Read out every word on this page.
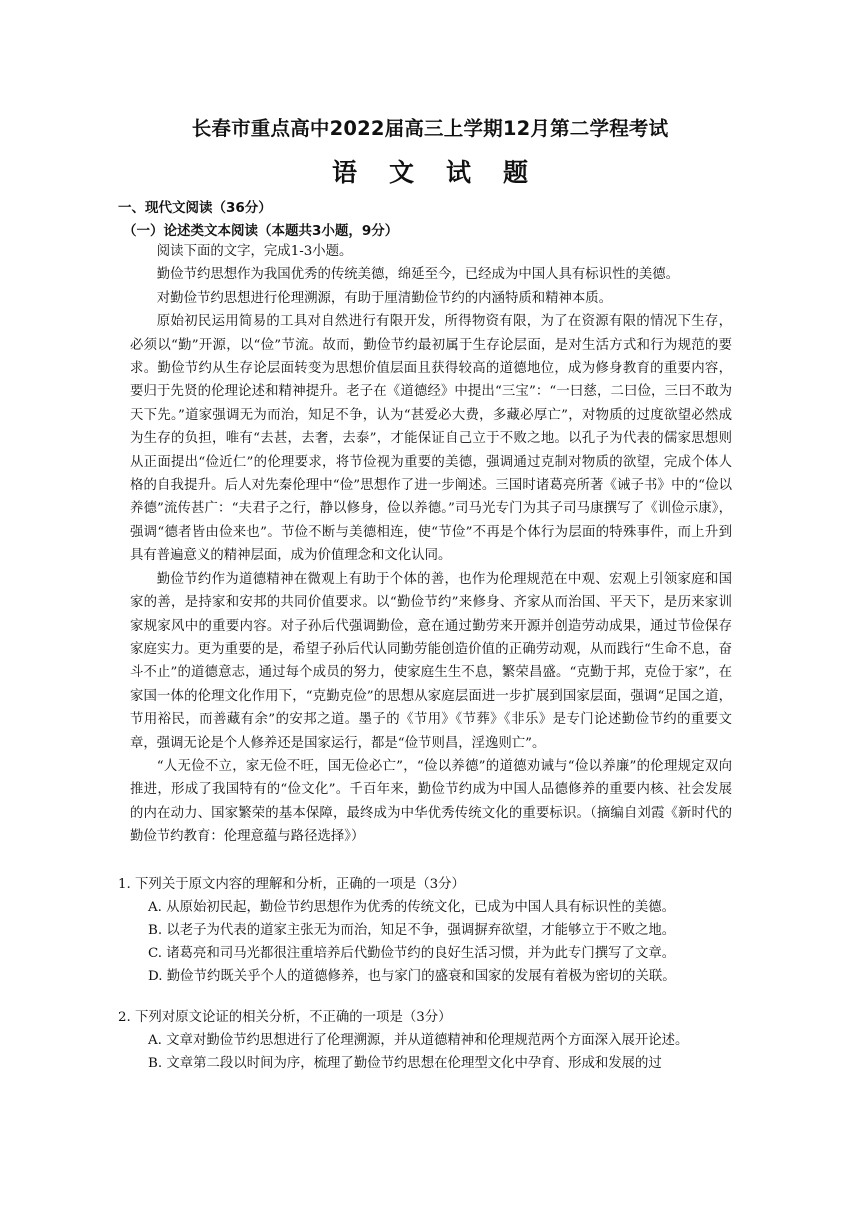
长春市重点高中2022届高三上学期12月第二学程考试
语文试题
一、现代文阅读（36分）
（一）论述类文本阅读（本题共3小题，9分）

阅读下面的文字，完成1-3小题。

勤俭节约思想作为我国优秀的传统美德，绵延至今，已经成为中国人具有标识性的美德。

对勤俭节约思想进行伦理溯源，有助于厘清勤俭节约的内涵特质和精神本质。

原始初民运用简易的工具对自然进行有限开发，所得物资有限，为了在资源有限的情况下生存，必须以“勤”开源，以“俭”节流。故而，勤俭节约最初属于生存论层面，是对生活方式和行为规范的要求。勤俭节约从生存论层面转变为思想价值层面且获得较高的道德地位，成为修身教育的重要内容，要归于先贤的伦理论述和精神提升。老子在《道德经》中提出“三宝”：“一曰慈，二曰俭，三曰不敢为天下先。”道家强调无为而治，知足不争，认为“甚爱必大费，多藏必厚亡”，对物质的过度欲望必然成为生存的负担，唯有“去甚，去奢，去泰”，才能保证自己立于不败之地。以孔子为代表的儒家思想则从正面提出“俭近仁”的伦理要求，将节俭视为重要的美德，强调通过克制对物质的欲望，完成个体人格的自我提升。后人对先秦伦理中“俭”思想作了进一步阐述。三国时诸葛亮所著《诫子书》中的“俭以养德”流传甚广：“夫君子之行，静以修身，俭以养德。”司马光专门为其子司马康撰写了《训俭示康》，强调“德者皆由俭来也”。节俭不断与美德相连，使“节俭”不再是个体行为层面的特殊事件，而上升到具有普遍意义的精神层面，成为价值理念和文化认同。

勤俭节约作为道德精神在微观上有助于个体的善，也作为伦理规范在中观、宏观上引领家庭和国家的善，是持家和安邦的共同价值要求。以“勤俭节约”来修身、齐家从而治国、平天下，是历来家训家规家风中的重要内容。对子孙后代强调勤俭，意在通过勤劳来开源并创造劳动成果，通过节俭保存家庭实力。更为重要的是，希望子孙后代认同勤劳能创造价值的正确劳动观，从而践行“生命不息，奋斗不止”的道德意志，通过每个成员的努力，使家庭生生不息，繁荣昌盛。“克勤于邦，克俭于家”，在家国一体的伦理文化作用下，“克勤克俭”的思想从家庭层面进一步扩展到国家层面，强调“足国之道，节用裕民，而善藏有余”的安邦之道。墨子的《节用》《节葬》《非乐》是专门论述勤俭节约的重要文章，强调无论是个人修养还是国家运行，都是“俭节则昌，淫逸则亡”。

“人无俭不立，家无俭不旺，国无俭必亡”，“俭以养德”的道德劝诫与“俭以养廉”的伦理规定双向推进，形成了我国特有的“俭文化”。千百年来，勤俭节约成为中国人品德修养的重要内核、社会发展的内在动力、国家繁荣的基本保障，最终成为中华优秀传统文化的重要标识。（摘编自刘霞《新时代的勤俭节约教育：伦理意蕴与路径选择》）

1. 下列关于原文内容的理解和分析，正确的一项是（3分）

A. 从原始初民起，勤俭节约思想作为优秀的传统文化，已成为中国人具有标识性的美德。

B. 以老子为代表的道家主张无为而治，知足不争，强调摒弃欲望，才能够立于不败之地。

C. 诸葛亮和司马光都很注重培养后代勤俭节约的良好生活习惯，并为此专门撰写了文章。

D. 勤俭节约既关乎个人的道德修养，也与家门的盛衰和国家的发展有着极为密切的关联。

2. 下列对原文论证的相关分析，不正确的一项是（3分）

A. 文章对勤俭节约思想进行了伦理溯源，并从道德精神和伦理规范两个方面深入展开论述。

B. 文章第二段以时间为序，梳理了勤俭节约思想在伦理型文化中孕育、形成和发展的过
